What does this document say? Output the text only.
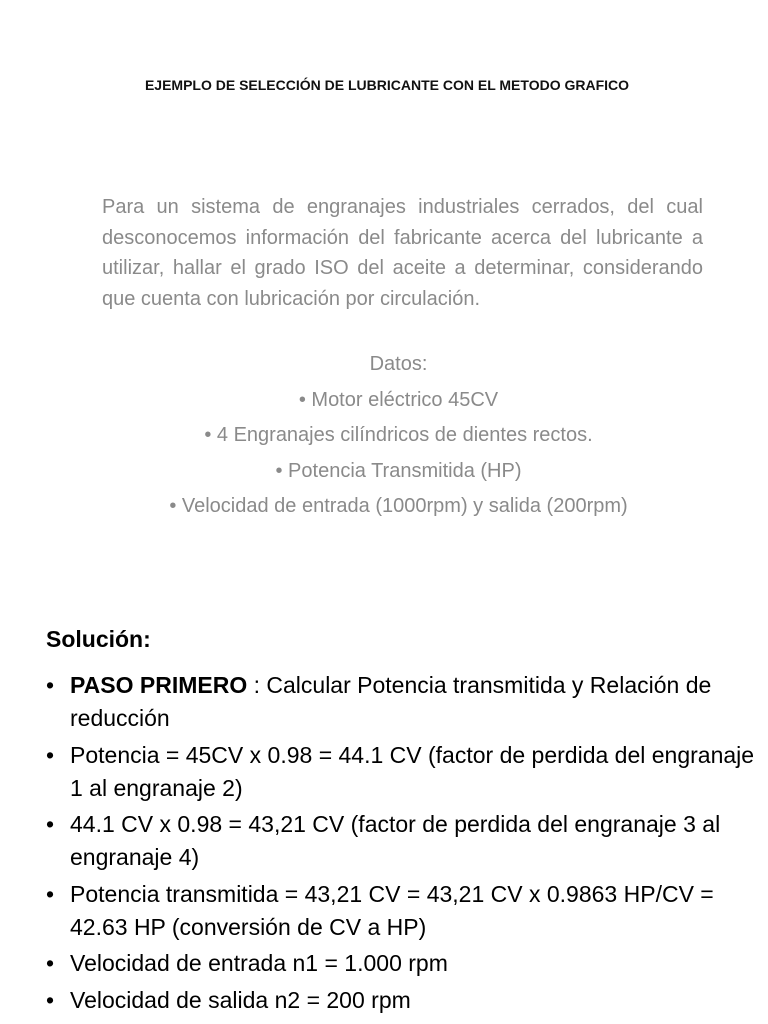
EJEMPLO DE SELECCIÓN DE LUBRICANTE CON EL METODO GRAFICO

Para un sistema de engranajes industriales cerrados, del cual desconocemos información del fabricante acerca del lubricante a utilizar, hallar el grado ISO del aceite a determinar, considerando que cuenta con lubricación por circulación.

Datos:
• Motor eléctrico 45CV
• 4 Engranajes cilíndricos de dientes rectos.
• Potencia Transmitida (HP)
• Velocidad de entrada (1000rpm) y salida (200rpm)
Solución:
• PASO PRIMERO : Calcular Potencia transmitida y Relación de reducción
• Potencia = 45CV x 0.98 = 44.1 CV (factor de perdida del engranaje 1 al engranaje 2)
• 44.1 CV x 0.98 = 43,21 CV (factor de perdida del engranaje 3 al engranaje 4)
• Potencia transmitida = 43,21 CV = 43,21 CV x 0.9863 HP/CV = 42.63 HP (conversión de CV a HP)
• Velocidad de entrada n1 = 1.000 rpm
• Velocidad de salida n2 = 200 rpm
